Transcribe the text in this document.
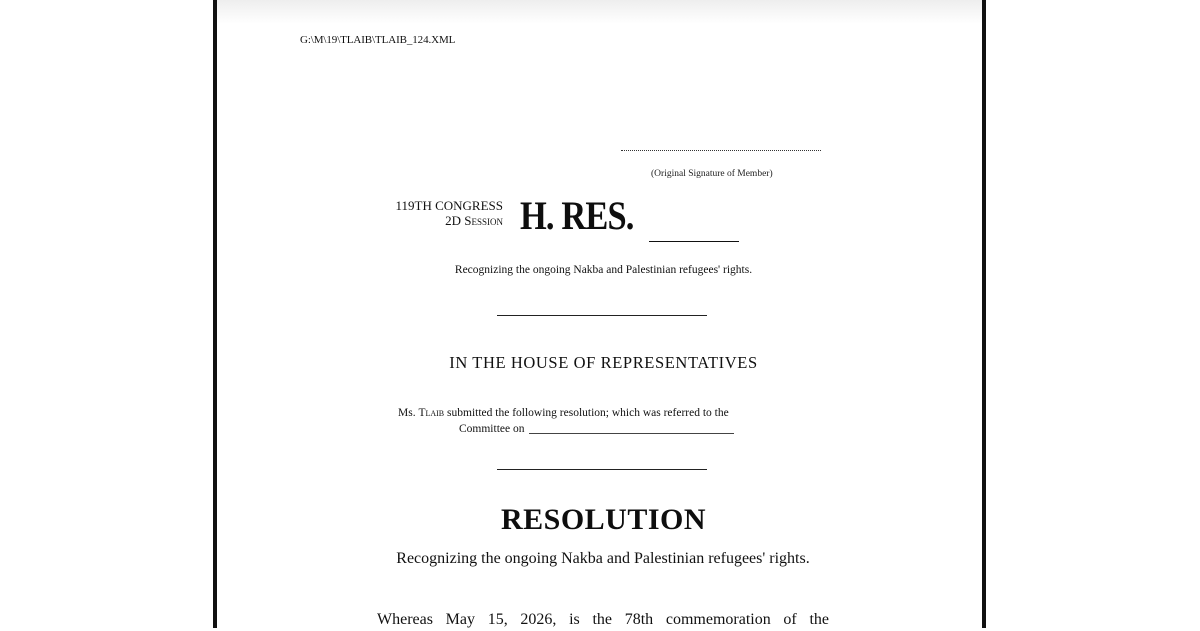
G:\M\19\TLAIB\TLAIB_124.XML
(Original Signature of Member)
119TH CONGRESS
2D Session H. RES.
Recognizing the ongoing Nakba and Palestinian refugees' rights.
IN THE HOUSE OF REPRESENTATIVES
Ms. Tlaib submitted the following resolution; which was referred to the
Committee on
RESOLUTION
Recognizing the ongoing Nakba and Palestinian refugees' rights.
Whereas May 15, 2026, is the 78th commemoration of the
